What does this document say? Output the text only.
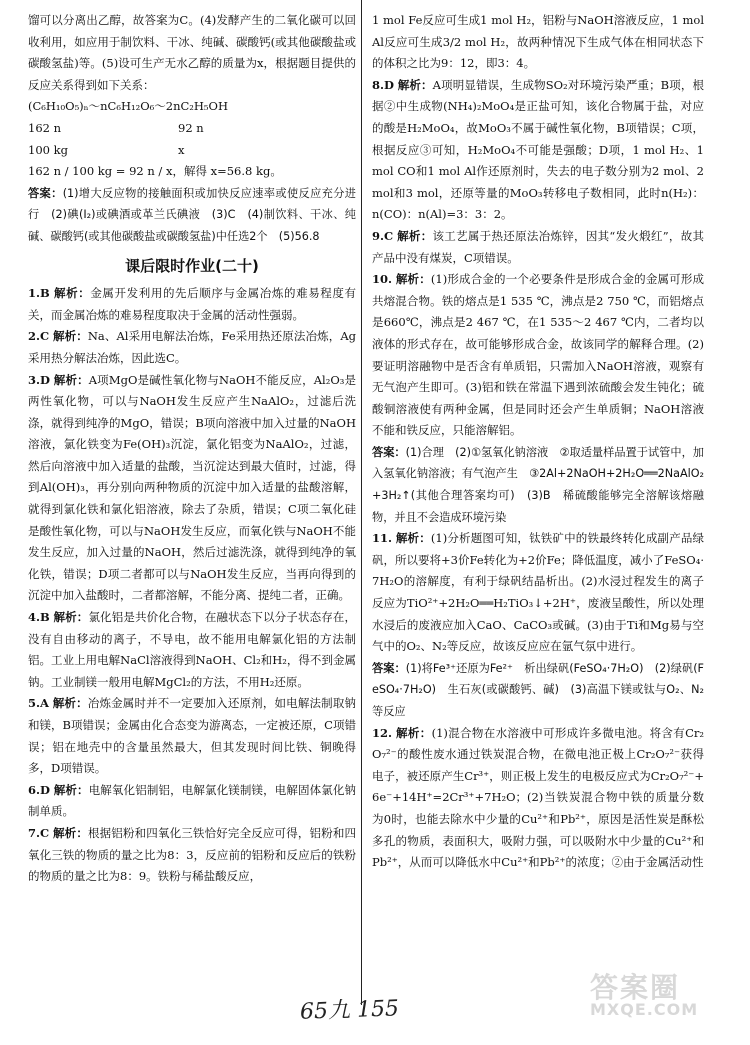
馏可以分离出乙醇，故答案为C。(4)发酵产生的二氧化碳可以回收利用，如应用于制饮料、干冰、纯碱、碳酸钙(或其他碳酸盐或碳酸氢盐)等。(5)设可生产无水乙醇的质量为x，根据题目提供的反应关系得到如下关系：

(C₆H₁₀O₅)ₙ～nC₆H₁₂O₆～2nC₂H₅OH

162 n	92 n
100 kg	x

162 n / 100 kg = 92 n / x，解得 x=56.8 kg。

答案：(1)增大反应物的接触面积或加快反应速率或使反应充分进行　(2)碘(I₂)或碘酒或革兰氏碘液　(3)C　(4)制饮料、干冰、纯碱、碳酸钙(或其他碳酸盐或碳酸氢盐)中任选2个　(5)56.8

课后限时作业(二十)

1.B 解析：金属开发利用的先后顺序与金属冶炼的难易程度有关，而金属冶炼的难易程度取决于金属的活动性强弱。

2.C 解析：Na、Al采用电解法冶炼，Fe采用热还原法冶炼，Ag采用热分解法冶炼，因此选C。

3.D 解析：A项MgO是碱性氧化物与NaOH不能反应，Al₂O₃是两性氧化物，可以与NaOH发生反应产生NaAlO₂，过滤后洗涤，就得到纯净的MgO，错误；B项向溶液中加入过量的NaOH溶液，氯化铁变为Fe(OH)₃沉淀，氯化铝变为NaAlO₂，过滤，然后向溶液中加入适量的盐酸，当沉淀达到最大值时，过滤，得到Al(OH)₃，再分别向两种物质的沉淀中加入适量的盐酸溶解，就得到氯化铁和氯化铝溶液，除去了杂质，错误；C项二氧化硅是酸性氧化物，可以与NaOH发生反应，而氧化铁与NaOH不能发生反应，加入过量的NaOH，然后过滤洗涤，就得到纯净的氧化铁，错误；D项二者都可以与NaOH发生反应，当再向得到的沉淀中加入盐酸时，二者都溶解，不能分离、提纯二者，正确。

4.B 解析：氯化铝是共价化合物，在融状态下以分子状态存在，没有自由移动的离子，不导电，故不能用电解氯化铝的方法制铝。工业上用电解NaCl溶液得到NaOH、Cl₂和H₂，得不到金属钠。工业制镁一般用电解MgCl₂的方法，不用H₂还原。

5.A 解析：冶炼金属时并不一定要加入还原剂，如电解法制取钠和镁，B项错误；金属由化合态变为游离态，一定被还原，C项错误；铝在地壳中的含量虽然最大，但其发现时间比铁、铜晚得多，D项错误。

6.D 解析：电解氧化铝制铝，电解氯化镁制镁，电解固体氯化钠制单质。

7.C 解析：根据铝粉和四氧化三铁恰好完全反应可得，铝粉和四氧化三铁的物质的量之比为8：3，反应前的铝粉和反应后的铁粉的物质的量之比为8：9。铁粉与稀盐酸反应，

1 mol Fe反应可生成1 mol H₂，铝粉与NaOH溶液反应，1 mol Al反应可生成3/2 mol H₂，故两种情况下生成气体在相同状态下的体积之比为9：12，即3：4。

8.D 解析：A项明显错误，生成物SO₂对环境污染严重；B项，根据②中生成物(NH₄)₂MoO₄是正盐可知，该化合物属于盐，对应的酸是H₂MoO₄，故MoO₃不属于碱性氧化物，B项错误；C项，根据反应③可知，H₂MoO₄不可能是强酸；D项，1 mol H₂、1 mol CO和1 mol Al作还原剂时，失去的电子数分别为2 mol、2 mol和3 mol，还原等量的MoO₃转移电子数相同，此时n(H₂)：n(CO)：n(Al)=3：3：2。

9.C 解析：该工艺属于热还原法冶炼锌，因其“发火煅红”，故其产品中没有煤炭，C项错误。

10. 解析：(1)形成合金的一个必要条件是形成合金的金属可形成共熔混合物。铁的熔点是1 535 ℃，沸点是2 750 ℃，而铝熔点是660℃，沸点是2 467 ℃，在1 535～2 467 ℃内，二者均以液体的形式存在，故可能够形成合金，故该同学的解释合理。(2)要证明溶融物中是否含有单质铝，只需加入NaOH溶液，观察有无气泡产生即可。(3)铝和铁在常温下遇到浓硫酸会发生钝化；硫酸铜溶液使有两种金属，但是同时还会产生单质铜；NaOH溶液不能和铁反应，只能溶解铝。

答案：(1)合理　(2)①氢氧化钠溶液　②取适量样品置于试管中，加入氢氧化钠溶液；有气泡产生　③2Al+2NaOH+2H₂O══2NaAlO₂+3H₂↑(其他合理答案均可)　(3)B　稀硫酸能够完全溶解该熔融物，并且不会造成环境污染

11. 解析：(1)分析题图可知，钛铁矿中的铁最终转化成副产品绿矾，所以要将+3价Fe转化为+2价Fe；降低温度，减小了FeSO₄·7H₂O的溶解度，有利于绿矾结晶析出。(2)水浸过程发生的离子反应为TiO²⁺+2H₂O══H₂TiO₃↓+2H⁺，废液呈酸性，所以处理水浸后的废液应加入CaO、CaCO₃或碱。(3)由于Ti和Mg易与空气中的O₂、N₂等反应，故该反应应在氩气氛中进行。

答案：(1)将Fe³⁺还原为Fe²⁺　析出绿矾(FeSO₄·7H₂O)　(2)绿矾(FeSO₄·7H₂O)　生石灰(或碳酸钙、碱)　(3)高温下镁或钛与O₂、N₂等反应

12. 解析：(1)混合物在水溶液中可形成许多微电池。将含有Cr₂O₇²⁻的酸性废水通过铁炭混合物，在微电池正极上Cr₂O₇²⁻获得电子，被还原产生Cr³⁺，则正极上发生的电极反应式为Cr₂O₇²⁻+6e⁻+14H⁺=2Cr³⁺+7H₂O；(2)当铁炭混合物中铁的质量分数为0时，也能去除水中少量的Cu²⁺和Pb²⁺，原因是活性炭是酥松多孔的物质，表面积大，吸附力强，可以吸附水中少量的Cu²⁺和Pb²⁺，从而可以降低水中Cu²⁺和Pb²⁺的浓度；②由于金属活动性

65九 155
答案圈
MXQE.COM
